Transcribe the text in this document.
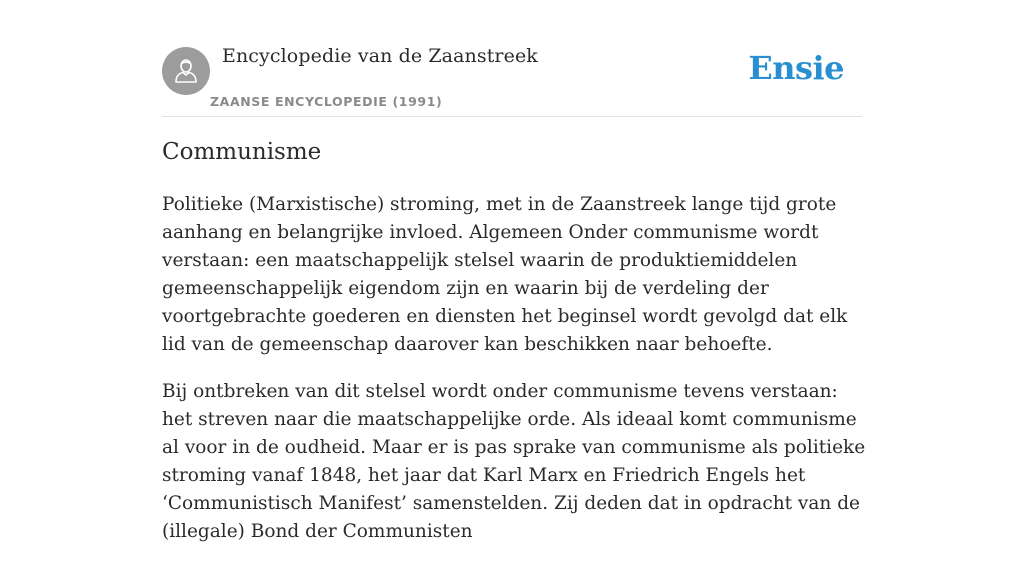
Encyclopedie van de Zaanstreek
ZAANSE ENCYCLOPEDIE (1991)
Ensie
Communisme

Politieke (Marxistische) stroming, met in de Zaanstreek lange tijd grote aanhang en belangrijke invloed. Algemeen Onder communisme wordt verstaan: een maatschappelijk stelsel waarin de produktiemiddelen gemeenschappelijk eigendom zijn en waarin bij de verdeling der voortgebrachte goederen en diensten het beginsel wordt gevolgd dat elk lid van de gemeenschap daarover kan beschikken naar behoefte.

Bij ontbreken van dit stelsel wordt onder communisme tevens verstaan: het streven naar die maatschappelijke orde. Als ideaal komt communisme al voor in de oudheid. Maar er is pas sprake van communisme als politieke stroming vanaf 1848, het jaar dat Karl Marx en Friedrich Engels het ‘Communistisch Manifest’ samenstelden. Zij deden dat in opdracht van de (illegale) Bond der Communisten
